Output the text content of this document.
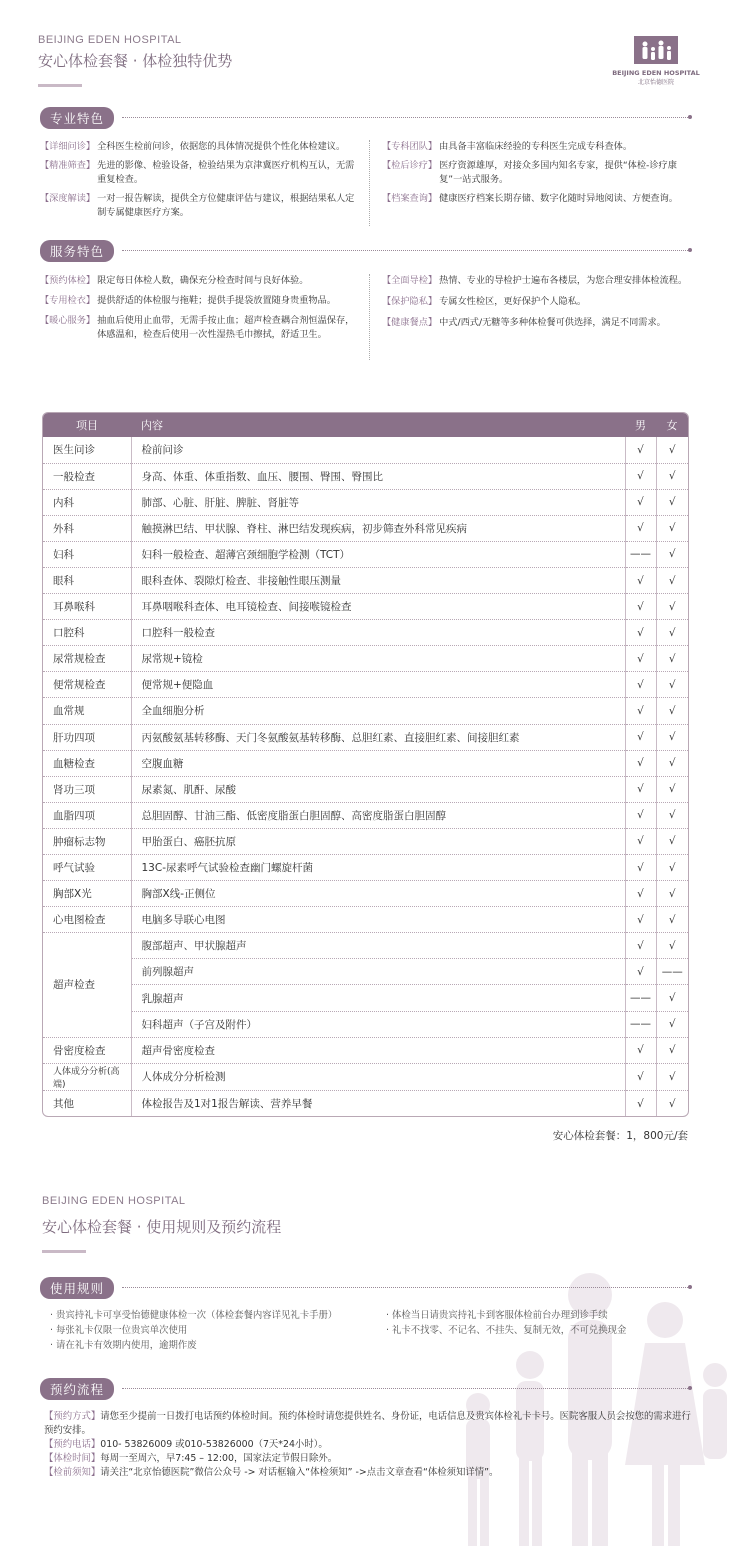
BEIJING EDEN HOSPITAL
安心体检套餐 · 体检独特优势
BEIJING EDEN HOSPITAL
北京怡德医院
专业特色
【详细问诊】 全科医生检前问诊，依据您的具体情况提供个性化体检建议。
【精准筛查】 先进的影像、检验设备，检验结果为京津冀医疗机构互认，无需重复检查。
【深度解读】 一对一报告解读，提供全方位健康评估与建议，根据结果私人定制专属健康医疗方案。
【专科团队】 由具备丰富临床经验的专科医生完成专科查体。
【检后诊疗】 医疗资源雄厚，对接众多国内知名专家，提供“体检-诊疗康复”一站式服务。
【档案查询】 健康医疗档案长期存储、数字化随时异地阅读、方便查询。
服务特色
【预约体检】 限定每日体检人数，确保充分检查时间与良好体验。
【专用检衣】 提供舒适的体检服与拖鞋；提供手提袋放置随身贵重物品。
【暖心服务】 抽血后使用止血带，无需手按止血；超声检查耦合剂恒温保存，体感温和，检查后使用一次性湿热毛巾擦拭，舒适卫生。
【全面导检】 热情、专业的导检护士遍布各楼层，为您合理安排体检流程。
【保护隐私】 专属女性检区，更好保护个人隐私。
【健康餐点】 中式/西式/无糖等多种体检餐可供选择，满足不同需求。
项目	内容	男	女
医生问诊	检前问诊	√	√
一般检查	身高、体重、体重指数、血压、腰围、臀围、臀围比	√	√
内科	肺部、心脏、肝脏、脾脏、肾脏等	√	√
外科	触摸淋巴结、甲状腺、脊柱、淋巴结发现疾病，初步筛查外科常见疾病	√	√
妇科	妇科一般检查、超薄宫颈细胞学检测（TCT）	——	√
眼科	眼科查体、裂隙灯检查、非接触性眼压测量	√	√
耳鼻喉科	耳鼻咽喉科查体、电耳镜检查、间接喉镜检查	√	√
口腔科	口腔科一般检查	√	√
尿常规检查	尿常规+镜检	√	√
便常规检查	便常规+便隐血	√	√
血常规	全血细胞分析	√	√
肝功四项	丙氨酸氨基转移酶、天门冬氨酸氨基转移酶、总胆红素、直接胆红素、间接胆红素	√	√
血糖检查	空腹血糖	√	√
肾功三项	尿素氮、肌酐、尿酸	√	√
血脂四项	总胆固醇、甘油三酯、低密度脂蛋白胆固醇、高密度脂蛋白胆固醇	√	√
肿瘤标志物	甲胎蛋白、癌胚抗原	√	√
呼气试验	13C-尿素呼气试验检查幽门螺旋杆菌	√	√
胸部X光	胸部X线-正侧位	√	√
心电图检查	电脑多导联心电图	√	√
超声检查	腹部超声、甲状腺超声	√	√
	前列腺超声	√	——
	乳腺超声	——	√
	妇科超声（子宫及附件）	——	√
骨密度检查	超声骨密度检查	√	√
人体成分分析(高端)	人体成分分析检测	√	√
其他	体检报告及1对1报告解读、营养早餐	√	√
安心体检套餐：1，800元/套
BEIJING EDEN HOSPITAL
安心体检套餐 · 使用规则及预约流程
使用规则
· 贵宾持礼卡可享受怡德健康体检一次（体检套餐内容详见礼卡手册）
· 每张礼卡仅限一位贵宾单次使用
· 请在礼卡有效期内使用，逾期作废
· 体检当日请贵宾持礼卡到客服体检前台办理到诊手续
· 礼卡不找零、不记名、不挂失、复制无效，不可兑换现金
预约流程
【预约方式】请您至少提前一日拨打电话预约体检时间。预约体检时请您提供姓名、身份证，电话信息及贵宾体检礼卡卡号。医院客服人员会按您的需求进行预约安排。
【预约电话】010- 53826009 或010-53826000（7天*24小时）。
【体检时间】每周一至周六，早7:45 – 12:00，国家法定节假日除外。
【检前须知】请关注“北京怡德医院”微信公众号 -> 对话框输入“体检须知” ->点击文章查看“体检须知详情”。
